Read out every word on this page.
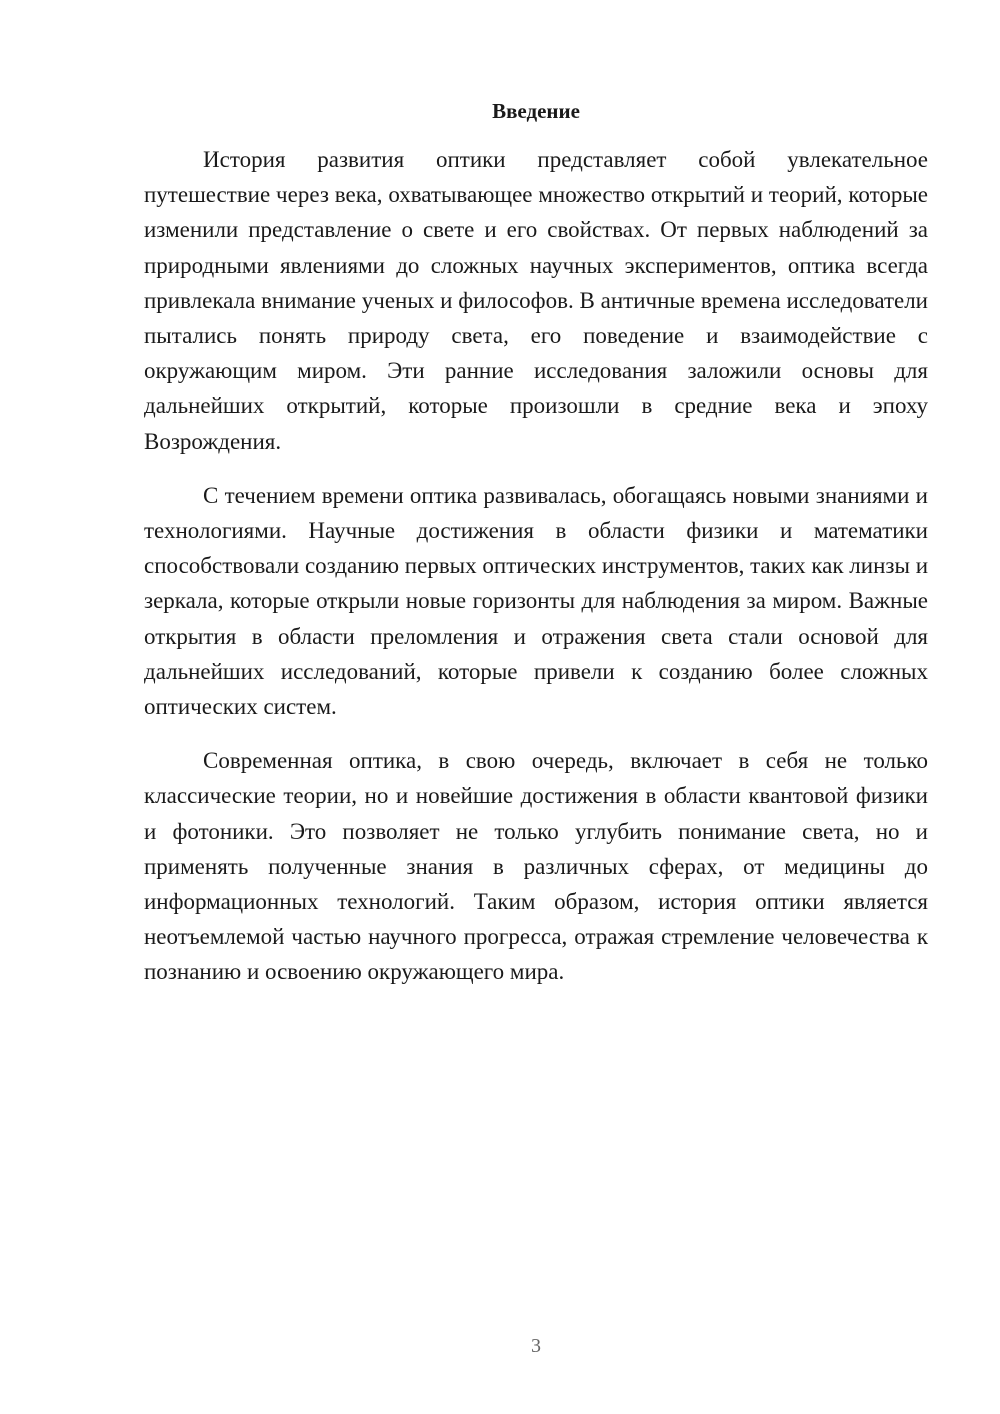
Введение

История развития оптики представляет собой увлекательное путешествие через века, охватывающее множество открытий и теорий, которые изменили представление о свете и его свойствах. От первых наблюдений за природными явлениями до сложных научных экспериментов, оптика всегда привлекала внимание ученых и философов. В античные времена исследователи пытались понять природу света, его поведение и взаимодействие с окружающим миром. Эти ранние исследования заложили основы для дальнейших открытий, которые произошли в средние века и эпоху Возрождения.

С течением времени оптика развивалась, обогащаясь новыми знаниями и технологиями. Научные достижения в области физики и математики способствовали созданию первых оптических инструментов, таких как линзы и зеркала, которые открыли новые горизонты для наблюдения за миром. Важные открытия в области преломления и отражения света стали основой для дальнейших исследований, которые привели к созданию более сложных оптических систем.

Современная оптика, в свою очередь, включает в себя не только классические теории, но и новейшие достижения в области квантовой физики и фотоники. Это позволяет не только углубить понимание света, но и применять полученные знания в различных сферах, от медицины до информационных технологий. Таким образом, история оптики является неотъемлемой частью научного прогресса, отражая стремление человечества к познанию и освоению окружающего мира.

3
